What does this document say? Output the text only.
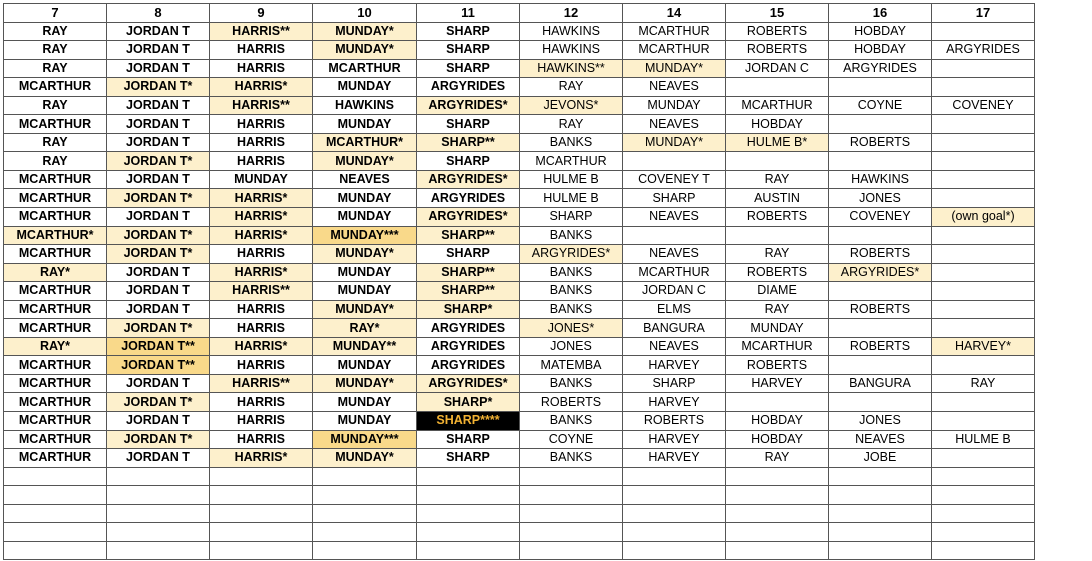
7	8	9	10	11	12	14	15	16	17
RAY	JORDAN T	HARRIS**	MUNDAY*	SHARP	HAWKINS	MCARTHUR	ROBERTS	HOBDAY	
RAY	JORDAN T	HARRIS	MUNDAY*	SHARP	HAWKINS	MCARTHUR	ROBERTS	HOBDAY	ARGYRIDES
RAY	JORDAN T	HARRIS	MCARTHUR	SHARP	HAWKINS**	MUNDAY*	JORDAN C	ARGYRIDES	
MCARTHUR	JORDAN T*	HARRIS*	MUNDAY	ARGYRIDES	RAY	NEAVES			
RAY	JORDAN T	HARRIS**	HAWKINS	ARGYRIDES*	JEVONS*	MUNDAY	MCARTHUR	COYNE	COVENEY
MCARTHUR	JORDAN T	HARRIS	MUNDAY	SHARP	RAY	NEAVES	HOBDAY		
RAY	JORDAN T	HARRIS	MCARTHUR*	SHARP**	BANKS	MUNDAY*	HULME B*	ROBERTS	
RAY	JORDAN T*	HARRIS	MUNDAY*	SHARP	MCARTHUR				
MCARTHUR	JORDAN T	MUNDAY	NEAVES	ARGYRIDES*	HULME B	COVENEY T	RAY	HAWKINS	
MCARTHUR	JORDAN T*	HARRIS*	MUNDAY	ARGYRIDES	HULME B	SHARP	AUSTIN	JONES	
MCARTHUR	JORDAN T	HARRIS*	MUNDAY	ARGYRIDES*	SHARP	NEAVES	ROBERTS	COVENEY	(own goal*)
MCARTHUR*	JORDAN T*	HARRIS*	MUNDAY***	SHARP**	BANKS				
MCARTHUR	JORDAN T*	HARRIS	MUNDAY*	SHARP	ARGYRIDES*	NEAVES	RAY	ROBERTS	
RAY*	JORDAN T	HARRIS*	MUNDAY	SHARP**	BANKS	MCARTHUR	ROBERTS	ARGYRIDES*	
MCARTHUR	JORDAN T	HARRIS**	MUNDAY	SHARP**	BANKS	JORDAN C	DIAME		
MCARTHUR	JORDAN T	HARRIS	MUNDAY*	SHARP*	BANKS	ELMS	RAY	ROBERTS	
MCARTHUR	JORDAN T*	HARRIS	RAY*	ARGYRIDES	JONES*	BANGURA	MUNDAY		
RAY*	JORDAN T**	HARRIS*	MUNDAY**	ARGYRIDES	JONES	NEAVES	MCARTHUR	ROBERTS	HARVEY*
MCARTHUR	JORDAN T**	HARRIS	MUNDAY	ARGYRIDES	MATEMBA	HARVEY	ROBERTS		
MCARTHUR	JORDAN T	HARRIS**	MUNDAY*	ARGYRIDES*	BANKS	SHARP	HARVEY	BANGURA	RAY
MCARTHUR	JORDAN T*	HARRIS	MUNDAY	SHARP*	ROBERTS	HARVEY			
MCARTHUR	JORDAN T	HARRIS	MUNDAY	SHARP****	BANKS	ROBERTS	HOBDAY	JONES	
MCARTHUR	JORDAN T*	HARRIS	MUNDAY***	SHARP	COYNE	HARVEY	HOBDAY	NEAVES	HULME B
MCARTHUR	JORDAN T	HARRIS*	MUNDAY*	SHARP	BANKS	HARVEY	RAY	JOBE	
